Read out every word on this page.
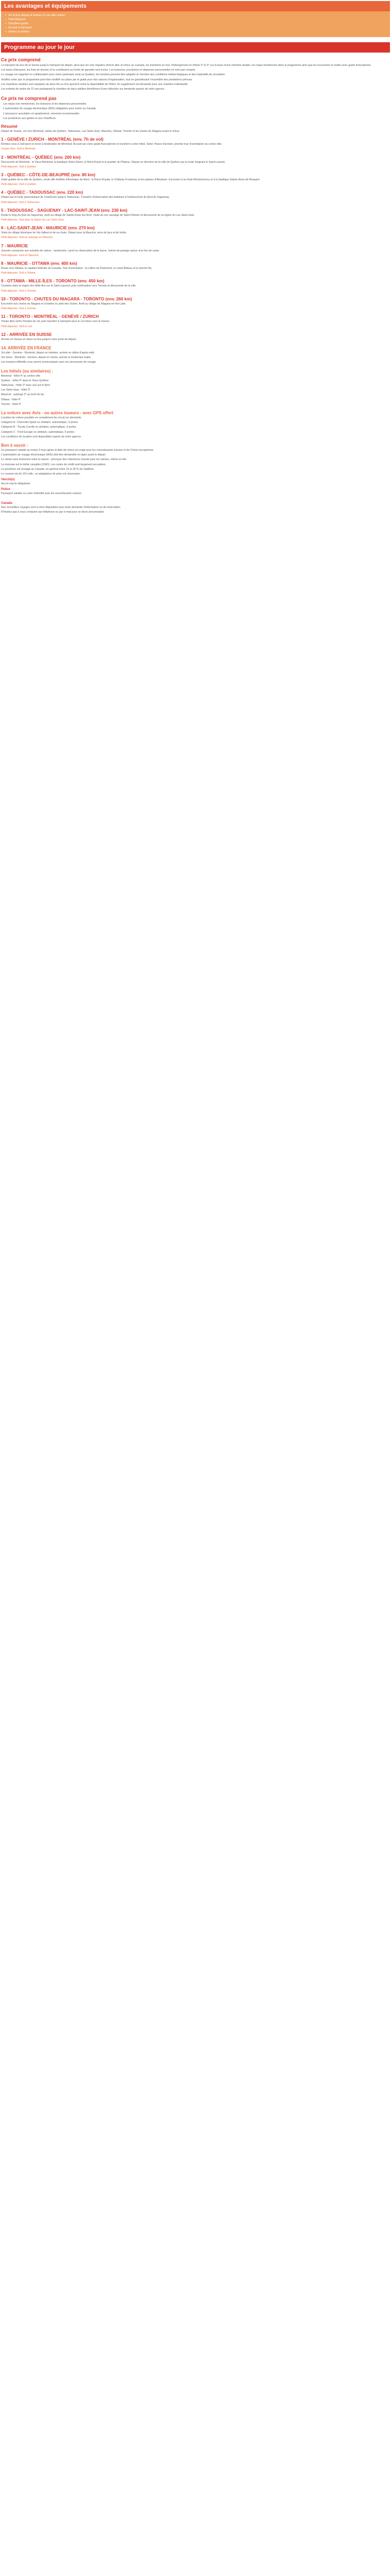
Les avantages et équipements
• Vol & Bus depuis la Suisse (3 vols aller-retour)
• Petit Déjeuner
• Chauffeur-guide
• Accueil à l'aéroport
• Visites et entrées
Programme au jour le jour
Ce prix comprend

Le transport du bus de la Suisse jusqu'à l'aéroport de départ, ainsi que les vols réguliers directs aller et retour au Canada, les transferts en bus, l'hébergement en hôtels 3* et 4* sur la base d'une chambre double, les repas mentionnés dans le programme ainsi que les excursions et visites avec guide francophone.

Les taxes d'aéroport, les frais de dossier et la contribution au fonds de garantie sont inclus. Les boissons, pourboires et dépenses personnelles ne sont pas compris.

Le voyage est organisé en collaboration avec notre partenaire local au Québec; les horaires peuvent être adaptés en fonction des conditions météorologiques et des impératifs de circulation.

Veuillez noter que le programme peut être modifié sur place par le guide pour des raisons d'organisation, tout en garantissant l'ensemble des prestations prévues.

Les chambres doubles sont équipées de deux lits ou d'un grand lit selon la disponibilité de l'hôtel. Un supplément est demandé pour une chambre individuelle.

Les enfants de moins de 12 ans partageant la chambre de deux adultes bénéficient d'une réduction sur demande auprès de notre agence.

Ce prix ne comprend pas

Les repas non mentionnés, les boissons et les dépenses personnelles

L'autorisation de voyage électronique (AVE) obligatoire pour entrer au Canada

L'assurance annulation et rapatriement, vivement recommandée

Les pourboires aux guides et aux chauffeurs

Résumé

Départ de Suisse, vol vers Montréal, visites de Québec, Tadoussac, Lac-Saint-Jean, Mauricie, Ottawa, Toronto et les chutes du Niagara avant le retour.

1 - GENÈVE / ZURICH - MONTRÉAL (env. 7h de vol)

Rendez-vous à l'aéroport et envol à destination de Montréal. Accueil par votre guide francophone et transfert à votre hôtel. Selon l'heure d'arrivée, premier tour d'orientation du centre-ville.

Souper libre. Nuit à Montréal.

2 - MONTRÉAL - QUÉBEC (env. 260 km)

Découverte de Montréal : le Vieux-Montréal, la basilique Notre-Dame, le Mont-Royal et le quartier du Plateau. Départ en direction de la ville de Québec par la route longeant le Saint-Laurent.

Petit-déjeuner. Nuit à Québec.

3 - QUÉBEC - CÔTE-DE-BEAUPRÉ (env. 80 km)

Visite guidée de la ville de Québec, seule ville fortifiée d'Amérique du Nord : la Place Royale, le Château Frontenac et les plaines d'Abraham. Excursion à la chute Montmorency et à la basilique Sainte-Anne-de-Beaupré.

Petit-déjeuner. Nuit à Québec.

4 - QUÉBEC - TADOUSSAC (env. 220 km)

Départ par la route panoramique de Charlevoix jusqu'à Tadoussac. Croisière d'observation des baleines à l'embouchure du fjord du Saguenay.

Petit-déjeuner. Nuit à Tadoussac.

5 - TADOUSSAC - SAGUENAY - LAC-SAINT-JEAN (env. 230 km)

Route le long du fjord du Saguenay, arrêt au village de Sainte-Rose-du-Nord. Visite du zoo sauvage de Saint-Félicien et découverte de la région du Lac-Saint-Jean.

Petit-déjeuner. Nuit dans la région du Lac-Saint-Jean.

6 - LAC-SAINT-JEAN - MAURICIE (env. 270 km)

Visite du village historique de Val-Jalbert et de sa chute. Départ pour la Mauricie, terre de lacs et de forêts.

Petit-déjeuner. Nuit en auberge en Mauricie.

7 - MAURICIE

Journée consacrée aux activités de nature : randonnée, canot ou observation de la faune. Soirée de partage autour d'un feu de camp.

Petit-déjeuner. Nuit en Mauricie.

8 - MAURICIE - OTTAWA (env. 400 km)

Route vers Ottawa, la capitale fédérale du Canada. Tour d'orientation : la colline du Parlement, le canal Rideau et le marché By.

Petit-déjeuner. Nuit à Ottawa.

9 - OTTAWA - MILLE-ÎLES - TORONTO (env. 450 km)

Croisière dans la région des Mille-Îles sur le Saint-Laurent, puis continuation vers Toronto et découverte de la ville.

Petit-déjeuner. Nuit à Toronto.

10 - TORONTO - CHUTES DU NIAGARA - TORONTO (env. 260 km)

Excursion aux chutes du Niagara et croisière au pied des chutes. Arrêt au village de Niagara-on-the-Lake.

Petit-déjeuner. Nuit à Toronto.

11 - TORONTO - MONTRÉAL - GENÈVE / ZURICH

Temps libre selon l'horaire de vol, puis transfert à l'aéroport pour le vol retour vers la Suisse.

Petit-déjeuner. Nuit en vol.

12 - ARRIVÉE EN SUISSE

Arrivée en Suisse et retour en bus jusqu'à votre point de départ.

14. ARRIVÉE EN FRANCE

Vol aller : Genève - Montréal, départ en matinée, arrivée en début d'après-midi.

Vol retour : Montréal - Genève, départ en soirée, arrivée le lendemain matin.

Les horaires définitifs vous seront communiqués avec les documents de voyage.

Les hôtels (ou similaires) :

Montréal : hôtel 4* au centre-ville

Québec : hôtel 4* dans le Vieux-Québec

Tadoussac : hôtel 3* avec vue sur le fjord

Lac-Saint-Jean : hôtel 3*

Mauricie : auberge 3* au bord du lac

Ottawa : hôtel 4*

Toronto : hôtel 4*

La voiture avec Avis - ou autres loueurs - avec GPS offert

Location de voiture possible en complément du circuit sur demande.

Catégorie A : Chevrolet Spark ou similaire, automatique, 4 portes

Catégorie B : Toyota Corolla ou similaire, automatique, 4 portes

Catégorie C : Ford Escape ou similaire, automatique, 5 portes

Les conditions de location sont disponibles auprès de notre agence.

Bon à savoir :

Un passeport valable au moins 3 mois après la date de retour est exigé pour les ressortissants suisses et de l'Union européenne.

L'autorisation de voyage électronique (AVE) doit être demandée en ligne avant le départ.

Le climat varie fortement selon la saison : prévoyez des vêtements chauds pour les soirées, même en été.

La monnaie est le dollar canadien (CAD). Les cartes de crédit sont largement acceptées.

Le pourboire est d'usage au Canada, en général entre 15 et 20 % de l'addition.

Le courant est de 110 volts ; un adaptateur de prise est nécessaire.

Vaccin(s)

Aucun vaccin obligatoire.

Police

Passeport valable ou carte d'identité pour les ressortissants suisses.

Canada

Nos conseillers voyages sont à votre disposition pour toute demande d'information ou de réservation.

N'hésitez pas à nous contacter par téléphone ou par e-mail pour un devis personnalisé.
